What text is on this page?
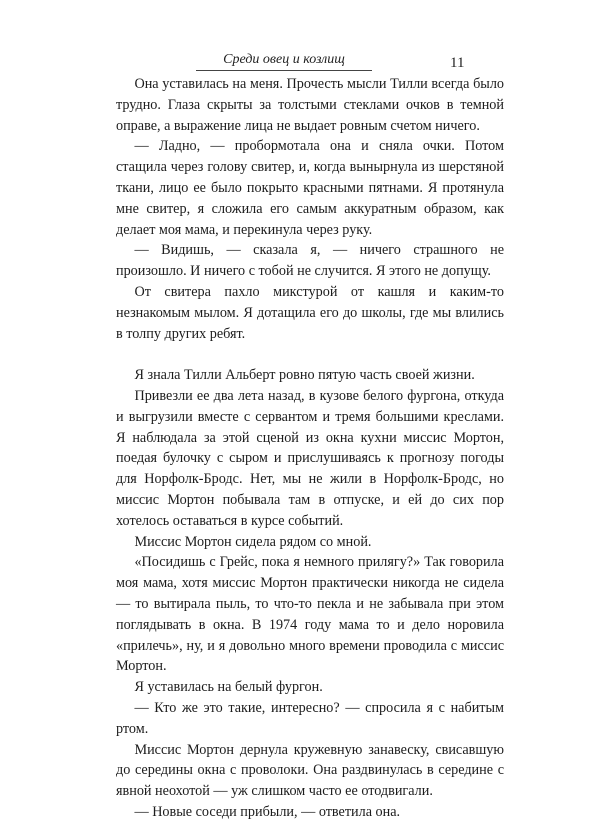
Среди овец и козлищ	11

Она уставилась на меня. Прочесть мысли Тилли всегда было трудно. Глаза скрыты за толстыми стеклами очков в темной оправе, а выражение лица не выдает ровным счетом ничего.

— Ладно, — пробормотала она и сняла очки. Потом стащила через голову свитер, и, когда вынырнула из шерстяной ткани, лицо ее было покрыто красными пятнами. Я протянула мне свитер, я сложила его самым аккуратным образом, как делает моя мама, и перекинула через руку.

— Видишь, — сказала я, — ничего страшного не произошло. И ничего с тобой не случится. Я этого не допущу.

От свитера пахло микстурой от кашля и каким-то незнакомым мылом. Я дотащила его до школы, где мы влились в толпу других ребят.

Я знала Тилли Альберт ровно пятую часть своей жизни.

Привезли ее два лета назад, в кузове белого фургона, откуда и выгрузили вместе с сервантом и тремя большими креслами. Я наблюдала за этой сценой из окна кухни миссис Мортон, поедая булочку с сыром и прислушиваясь к прогнозу погоды для Норфолк-Бродс. Нет, мы не жили в Норфолк-Бродс, но миссис Мортон побывала там в отпуске, и ей до сих пор хотелось оставаться в курсе событий.

Миссис Мортон сидела рядом со мной.

«Посидишь с Грейс, пока я немного прилягу?» Так говорила моя мама, хотя миссис Мортон практически никогда не сидела — то вытирала пыль, то что-то пекла и не забывала при этом поглядывать в окна. В 1974 году мама то и дело норовила «прилечь», ну, и я довольно много времени проводила с миссис Мортон.

Я уставилась на белый фургон.

— Кто же это такие, интересно? — спросила я с набитым ртом.

Миссис Мортон дернула кружевную занавеску, свисавшую до середины окна с проволоки. Она раздвинулась в середине с явной неохотой — уж слишком часто ее отодвигали.

— Новые соседи прибыли, — ответила она.
